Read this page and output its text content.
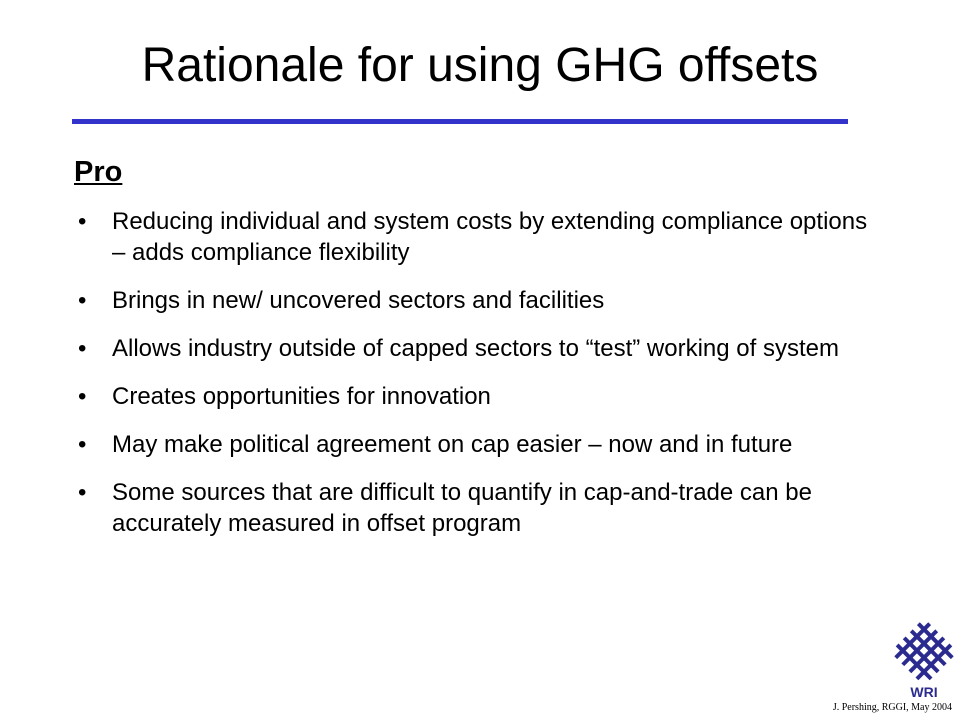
Rationale for using GHG offsets
Pro
• Reducing individual and system costs by extending compliance options – adds compliance flexibility
• Brings in new/ uncovered sectors and facilities
• Allows industry outside of capped sectors to “test” working of system
• Creates opportunities for innovation
• May make political agreement on cap easier – now and in future
• Some sources that are difficult to quantify in cap-and-trade can be accurately measured in offset program
WRI
J. Pershing, RGGI, May 2004
